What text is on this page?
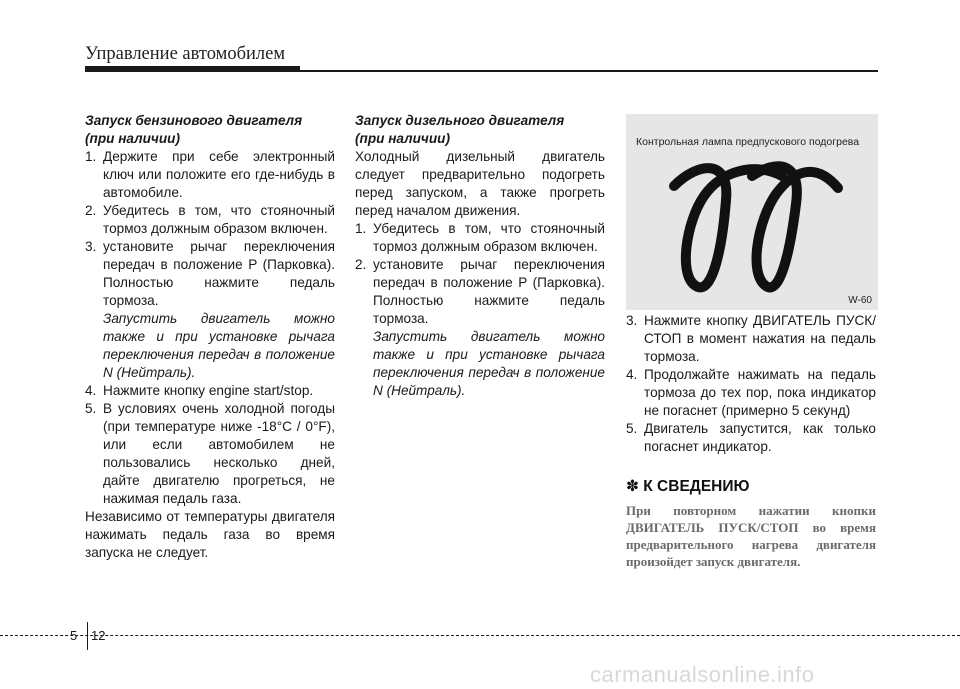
Управление автомобилем

Запуск бензинового двигателя

(при наличии)

1. Держите при себе электронный ключ или положите его где-нибудь в автомобиле.
2. Убедитесь в том, что стояночный тормоз должным образом включен.
3. установите рычаг переключения передач в положение P (Парковка). Полностью нажмите педаль тормоза.

Запустить двигатель можно также и при установке рычага переключения передач в положение N (Нейтраль).

4. Нажмите кнопку engine start/stop.
5. В условиях очень холодной погоды (при температуре ниже -18°C / 0°F), или если автомобилем не пользовались несколько дней, дайте двигателю прогреться, не нажимая педаль газа.

Независимо от температуры двигателя нажимать педаль газа во время запуска не следует.

Запуск дизельного двигателя

(при наличии)

Холодный дизельный двигатель следует предварительно подогреть перед запуском, а также прогреть перед началом движения.

1. Убедитесь в том, что стояночный тормоз должным образом включен.
2. установите рычаг переключения передач в положение P (Парковка). Полностью нажмите педаль тормоза.

Запустить двигатель можно также и при установке рычага переключения передач в положение N (Нейтраль).

Контрольная лампа предпускового подогрева
W-60
3. Нажмите кнопку ДВИГАТЕЛЬ ПУСК/СТОП в момент нажатия на педаль тормоза.
4. Продолжайте нажимать на педаль тормоза до тех пор, пока индикатор не погаснет (примерно 5 секунд)
5. Двигатель запустится, как только погаснет индикатор.
✽ К СВЕДЕНИЮ

При повторном нажатии кнопки ДВИГАТЕЛЬ ПУСК/СТОП во время предварительного нагрева двигателя произойдет запуск двигателя.

5 12
carmanualsonline.info
